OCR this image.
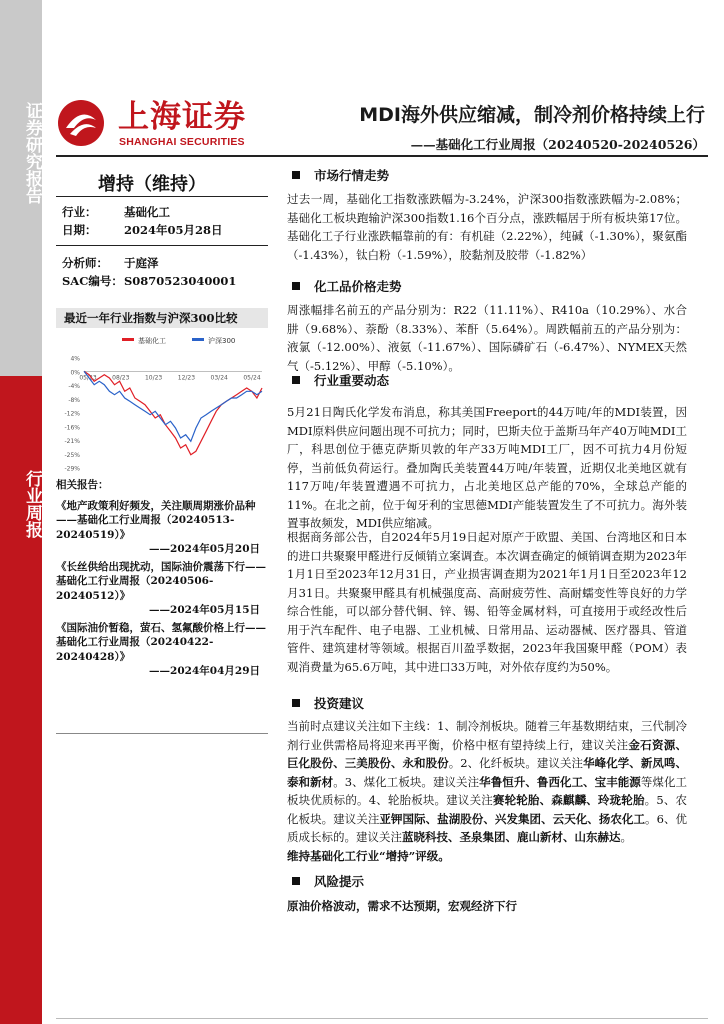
证券研究报告
行业周报
上海证券
SHANGHAI SECURITIES
MDI海外供应缩减，制冷剂价格持续上行
——基础化工行业周报（20240520-20240526）
增持（维持）
行业： 基础化工
日期： 2024年05月28日
分析师： 于庭泽
SAC编号：S0870523040001
最近一年行业指数与沪深300比较
基础化工	沪深300
4%
0%
-4%
-8%
-12%
-16%
-21%
-25%
-29%
05/23	08/23	10/23	12/23	03/24	05/24
相关报告：
《地产政策利好频发，关注顺周期涨价品种——基础化工行业周报（20240513-20240519）》
——2024年05月20日
《长丝供给出现扰动，国际油价震荡下行——基础化工行业周报（20240506-20240512）》
——2024年05月15日
《国际油价暂稳，萤石、氢氟酸价格上行——基础化工行业周报（20240422-20240428）》
——2024年04月29日
市场行情走势

过去一周，基础化工指数涨跌幅为-3.24%，沪深300指数涨跌幅为-2.08%；基础化工板块跑输沪深300指数1.16个百分点，涨跌幅居于所有板块第17位。基础化工子行业涨跌幅靠前的有：有机硅（2.22%），纯碱（-1.30%），聚氨酯（-1.43%），钛白粉（-1.59%），胶黏剂及胶带（-1.82%）

化工品价格走势

周涨幅排名前五的产品分别为：R22（11.11%）、R410a（10.29%）、水合肼（9.68%）、萘酚（8.33%）、苯酐（5.64%）。周跌幅前五的产品分别为：液氯（-12.00%）、液氨（-11.67%）、国际磷矿石（-6.47%）、NYMEX天然气（-5.12%）、甲醇（-5.10%）。

行业重要动态

5月21日陶氏化学发布消息，称其美国Freeport的44万吨/年的MDI装置，因MDI原料供应问题出现不可抗力；同时，巴斯夫位于盖斯马年产40万吨MDI工厂，科思创位于德克萨斯贝敦的年产33万吨MDI工厂，因不可抗力4月份短停，当前低负荷运行。叠加陶氏美装置44万吨/年装置，近期仅北美地区就有117万吨/年装置遭遇不可抗力，占北美地区总产能的70%，全球总产能的11%。在北之前，位于匈牙利的宝思德MDI产能装置发生了不可抗力。海外装置事故频发，MDI供应缩减。

根据商务部公告，自2024年5月19日起对原产于欧盟、美国、台湾地区和日本的进口共聚聚甲醛进行反倾销立案调查。本次调查确定的倾销调查期为2023年1月1日至2023年12月31日，产业损害调查期为2021年1月1日至2023年12月31日。共聚聚甲醛具有机械强度高、高耐疲劳性、高耐蠕变性等良好的力学综合性能，可以部分替代铜、锌、锡、铅等金属材料，可直接用于或经改性后用于汽车配件、电子电器、工业机械、日常用品、运动器械、医疗器具、管道管件、建筑建材等领域。根据百川盈孚数据，2023年我国聚甲醛（POM）表观消费量为65.6万吨，其中进口33万吨，对外依存度约为50%。

投资建议

当前时点建议关注如下主线：1、制冷剂板块。随着三年基数期结束，三代制冷剂行业供需格局将迎来再平衡，价格中枢有望持续上行，建议关注金石资源、巨化股份、三美股份、永和股份。2、化纤板块。建议关注华峰化学、新凤鸣、泰和新材。3、煤化工板块。建议关注华鲁恒升、鲁西化工、宝丰能源等煤化工板块优质标的。4、轮胎板块。建议关注赛轮轮胎、森麒麟、玲珑轮胎。5、农化板块。建议关注亚钾国际、盐湖股份、兴发集团、云天化、扬农化工。6、优质成长标的。建议关注蓝晓科技、圣泉集团、鹿山新材、山东赫达。

维持基础化工行业“增持”评级。

风险提示

原油价格波动，需求不达预期，宏观经济下行
